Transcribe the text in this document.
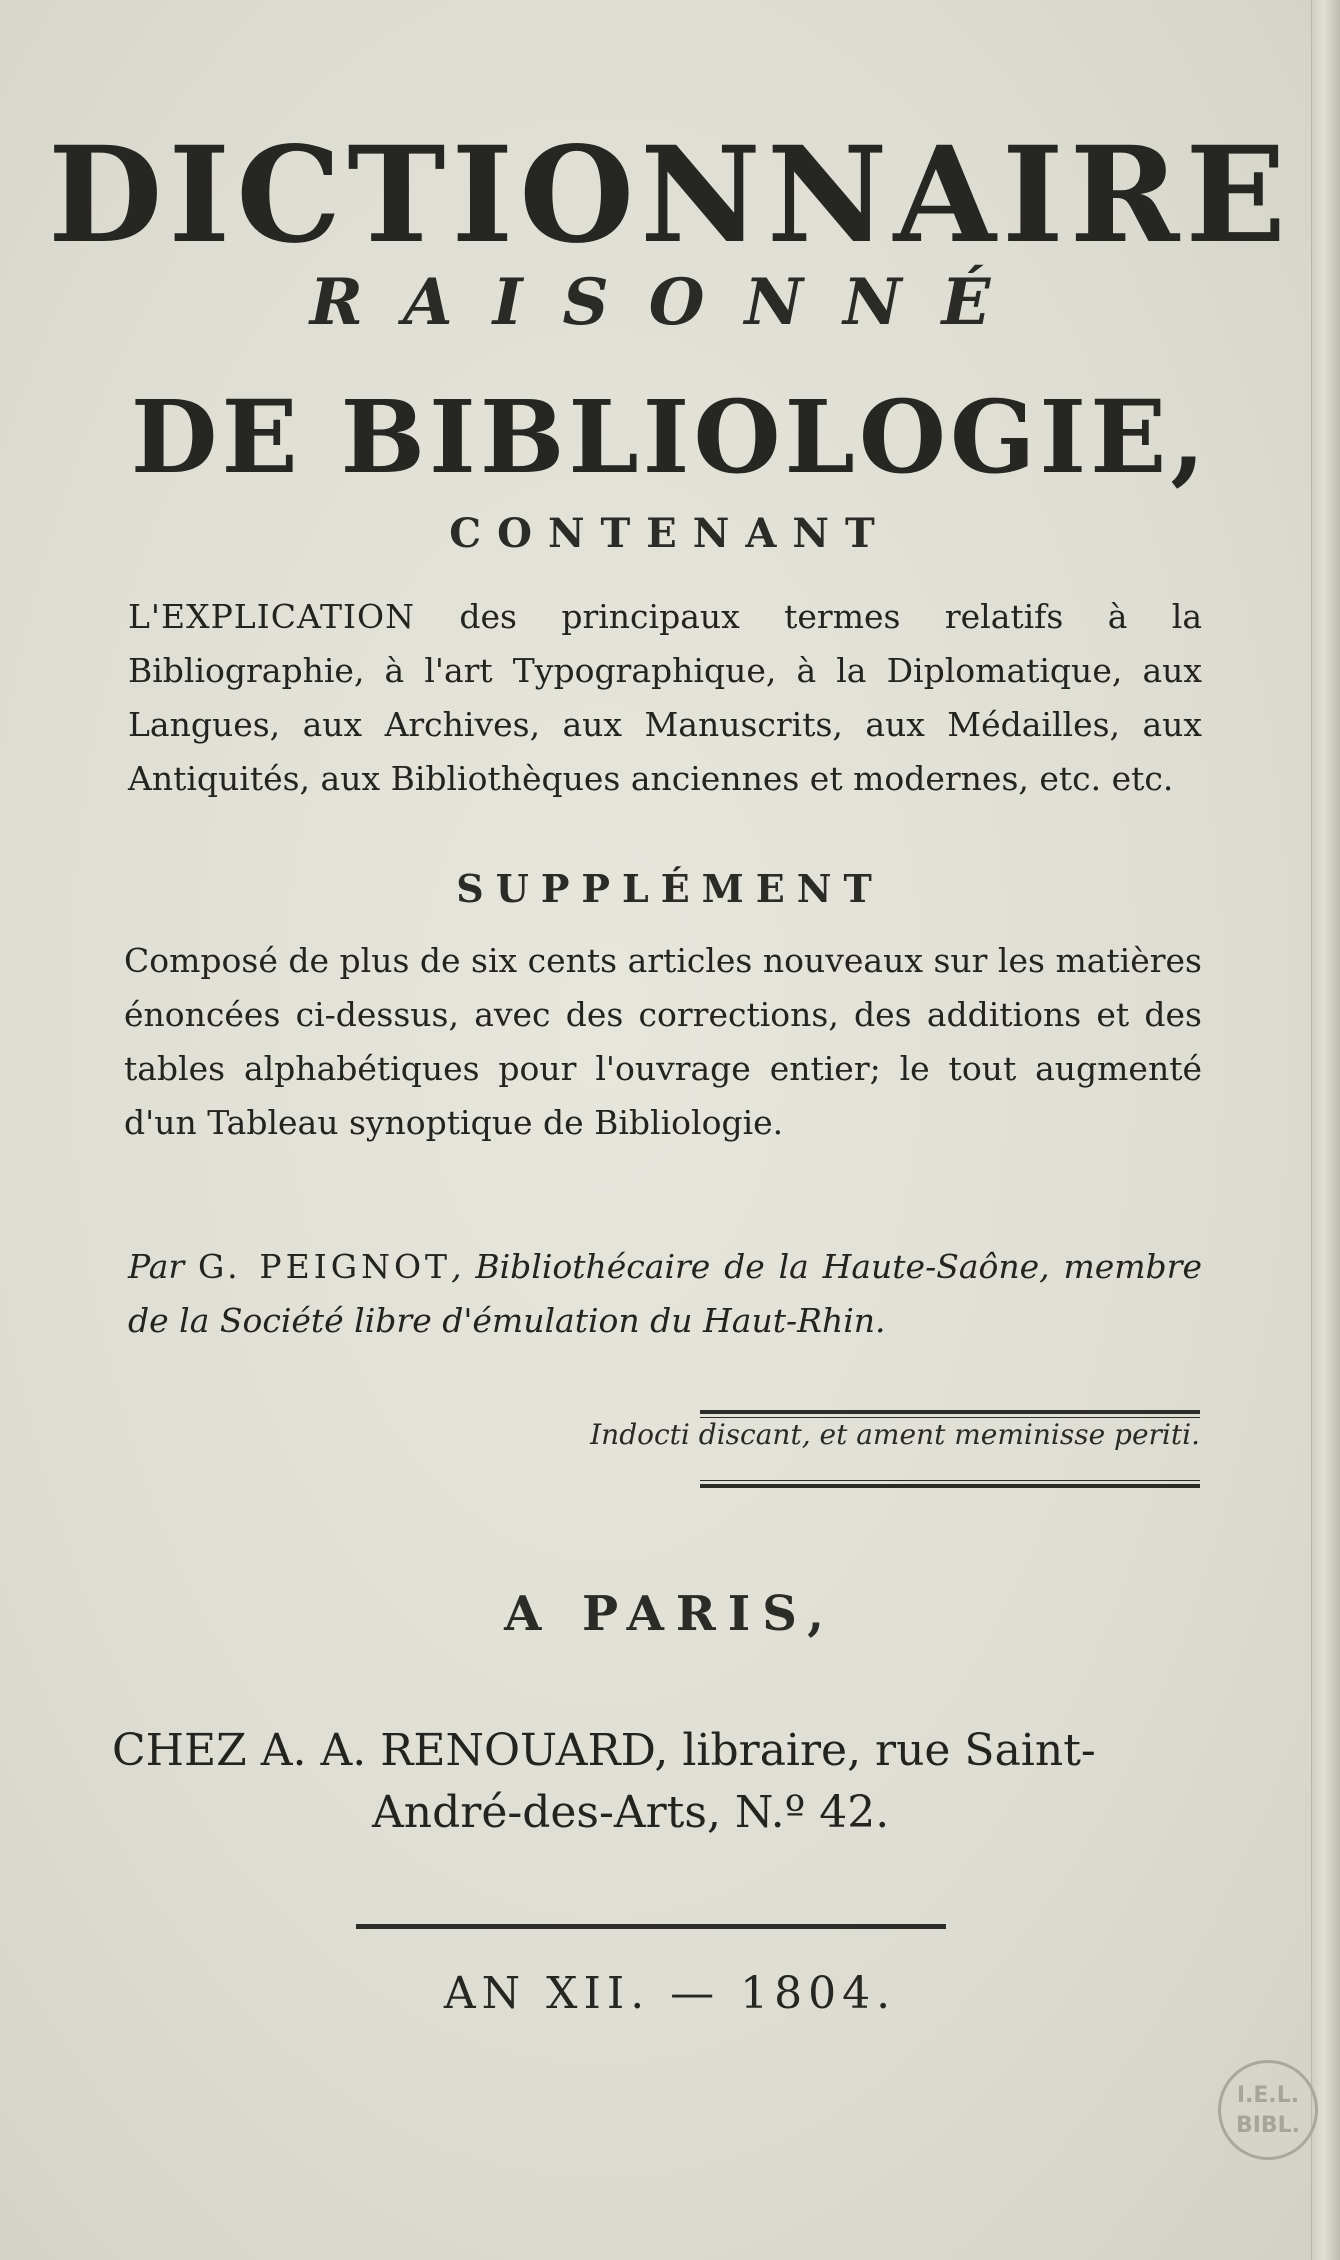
DICTIONNAIRE
RAISONNÉ
DE BIBLIOLOGIE,
CONTENANT
L'EXPLICATION des principaux termes relatifs à la Bibliographie, à l'art Typographique, à la Diplomatique, aux Langues, aux Archives, aux Manuscrits, aux Médailles, aux Antiquités, aux Bibliothèques anciennes et modernes, etc. etc.
SUPPLÉMENT
Composé de plus de six cents articles nouveaux sur les matières énoncées ci-dessus, avec des corrections, des additions et des tables alphabétiques pour l'ouvrage entier; le tout augmenté d'un Tableau synoptique de Bibliologie.
Par G. PEIGNOT, Bibliothécaire de la Haute-Saône, membre de la Société libre d'émulation du Haut-Rhin.
Indocti discant, et ament meminisse periti.
A PARIS,
CHEZ A. A. RENOUARD, libraire, rue Saint-
André-des-Arts, N.º 42.
AN XII. — 1804.
I.E.L.
BIBL.
